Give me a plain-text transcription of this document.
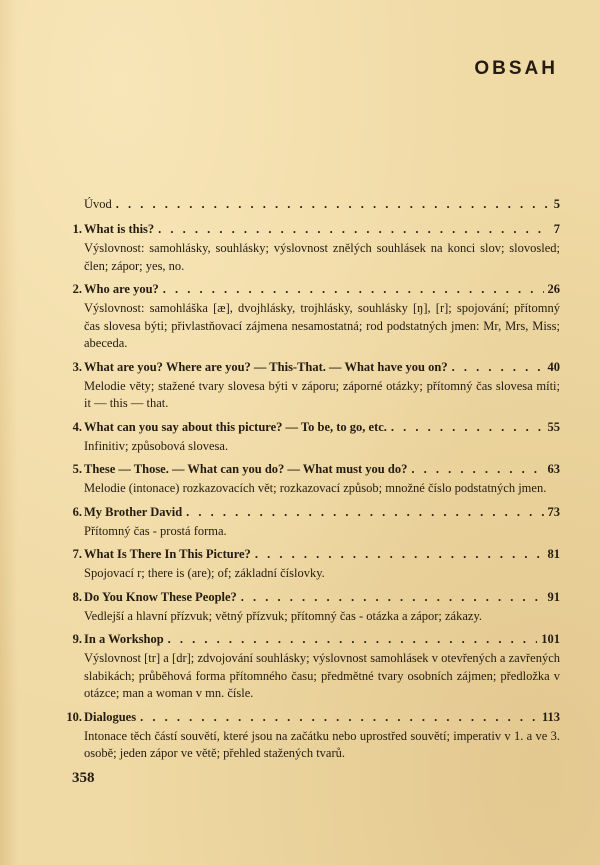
OBSAH
Úvod . . .	5
1. What is this? . . .	7
Výslovnost: samohlásky, souhlásky; výslovnost znělých souhlásek na konci slov; slovosled; člen; zápor; yes, no.
2. Who are you? . . .	26
Výslovnost: samohláška [æ], dvojhlásky, trojhlásky, souhlásky [ŋ], [r]; spojování; přítomný čas slovesa býti; přivlastňovací zájmena nesamostatná; rod podstatných jmen: Mr, Mrs, Miss; abeceda.
3. What are you? Where are you? — This-That. — What have you on? . . .	40
Melodie věty; stažené tvary slovesa býti v záporu; záporné otázky; přítomný čas slovesa míti; it — this — that.
4. What can you say about this picture? — To be, to go, etc. . . .	55
Infinitiv; způsobová slovesa.
5. These — Those. — What can you do? — What must you do? . . .	63
Melodie (intonace) rozkazovacích vět; rozkazovací způsob; množné číslo podstatných jmen.
6. My Brother David . . .	73
Přítomný čas - prostá forma.
7. What Is There In This Picture? . . .	81
Spojovací r; there is (are); of; základní číslovky.
8. Do You Know These People? . . .	91
Vedlejší a hlavní přízvuk; větný přízvuk; přítomný čas - otázka a zápor; zákazy.
9. In a Workshop . . .	101
Výslovnost [tr] a [dr]; zdvojování souhlásky; výslovnost samohlásek v otevřených a zavřených slabikách; průběhová forma přítomného času; předmětné tvary osobních zájmen; předložka v otázce; man a woman v mn. čísle.
10. Dialogues . . .	113
Intonace těch částí souvětí, které jsou na začátku nebo uprostřed souvětí; imperativ v 1. a ve 3. osobě; jeden zápor ve větě; přehled stažených tvarů.
358
